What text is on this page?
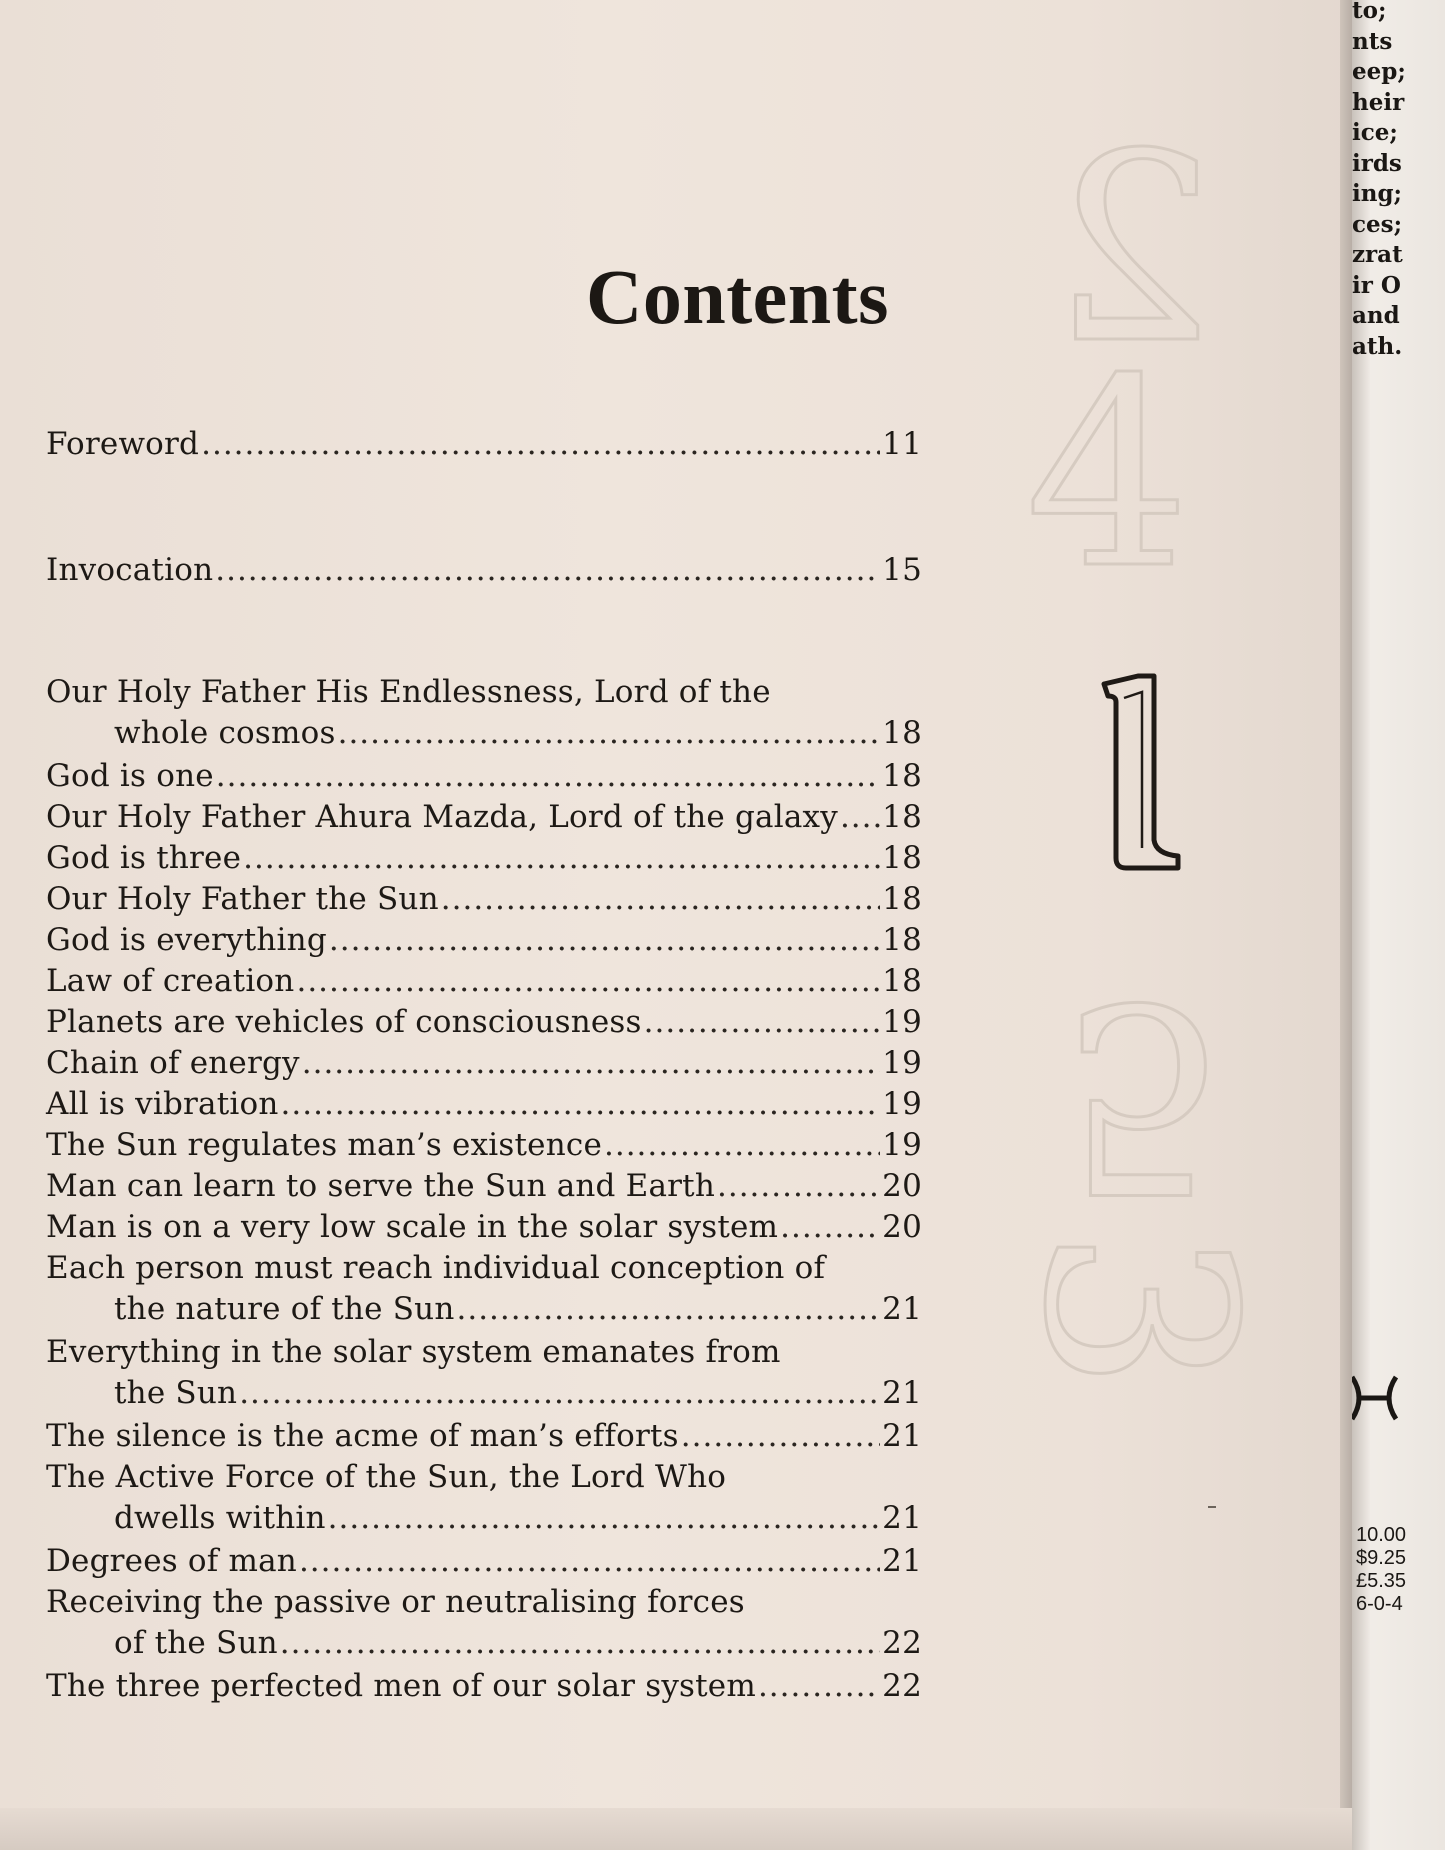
2
4
5
3
Contents
Foreword .....	11
Invocation .....	15
Our Holy Father His Endlessness, Lord of the
whole cosmos .....	18
God is one .....	18
Our Holy Father Ahura Mazda, Lord of the galaxy ..... 18
God is three .....	18
Our Holy Father the Sun .....	18
God is everything .....	18
Law of creation .....	18
Planets are vehicles of consciousness .....	19
Chain of energy .....	19
All is vibration .....	19
The Sun regulates man’s existence .....	19
Man can learn to serve the Sun and Earth .....	20
Man is on a very low scale in the solar system .....	20
Each person must reach individual conception of
the nature of the Sun .....	21
Everything in the solar system emanates from
the Sun .....	21
The silence is the acme of man’s efforts .....	21
The Active Force of the Sun, the Lord Who
dwells within .....	21
Degrees of man .....	21
Receiving the passive or neutralising forces
of the Sun .....	22
The three perfected men of our solar system .....	22
to;
nts
eep;
heir
ice;
irds
ing;
ces;
zrat
ir O
and
ath.
10.00
$9.25
£5.35
6-0-4
